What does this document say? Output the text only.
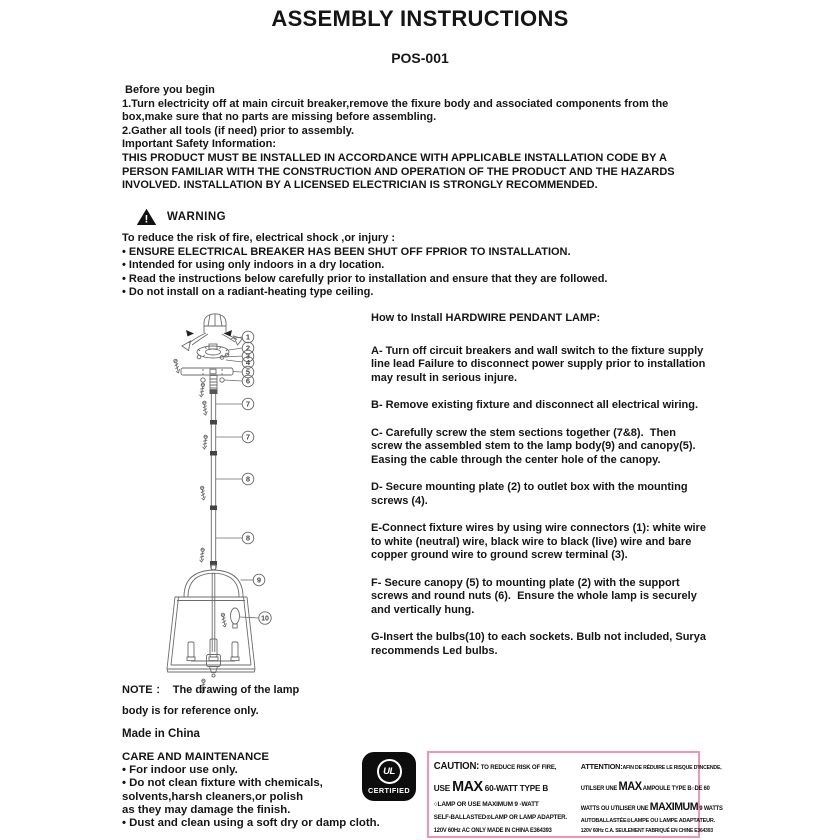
ASSEMBLY INSTRUCTIONS
POS-001
Before you begin
1.Turn electricity off at main circuit breaker,remove the fixure body and associated components from the
box,make sure that no parts are missing before assembling.
2.Gather all tools (if need) prior to assembly.
Important Safety Information:
THIS PRODUCT MUST BE INSTALLED IN ACCORDANCE WITH APPLICABLE INSTALLATION CODE BY A
PERSON FAMILIAR WITH THE CONSTRUCTION AND OPERATION OF THE PRODUCT AND THE HAZARDS
INVOLVED. INSTALLATION BY A LICENSED ELECTRICIAN IS STRONGLY RECOMMENDED.
! WARNING
To reduce the risk of fire, electrical shock ,or injury :
• ENSURE ELECTRICAL BREAKER HAS BEEN SHUT OFF FPRIOR TO INSTALLATION.
• Intended for using only indoors in a dry location.
• Read the instructions below carefully prior to installation and ensure that they are followed.
• Do not install on a radiant-heating type ceiling.
1
2
3
4
5
6
7
7
8
8
9
10
How to Install HARDWIRE PENDANT LAMP:
A- Turn off circuit breakers and wall switch to the fixture supply
line lead Failure to disconnect power supply prior to installation
may result in serious injure.
B- Remove existing fixture and disconnect all electrical wiring.
C- Carefully screw the stem sections together (7&8).  Then
screw the assembled stem to the lamp body(9) and canopy(5).
Easing the cable through the center hole of the canopy.
D- Secure mounting plate (2) to outlet box with the mounting
screws (4).
E-Connect fixture wires by using wire connectors (1): white wire
to white (neutral) wire, black wire to black (live) wire and bare
copper ground wire to ground screw terminal (3).
F- Secure canopy (5) to mounting plate (2) with the support
screws and round nuts (6).  Ensure the whole lamp is securely
and vertically hung.
G-Insert the bulbs(10) to each sockets. Bulb not included, Surya
recommends Led bulbs.
NOTE ：  The drawing of the lamp
body is for reference only.
Made in China
CARE AND MAINTENANCE
• For indoor use only.
• Do not clean fixture with chemicals,
solvents,harsh cleaners,or polish
as they may damage the finish.
• Dust and clean using a soft dry or damp cloth.
UL
CERTIFIED
CAUTION: TO REDUCE RISK OF FIRE,
USE MAX 60-WATT TYPE B
○LAMP OR USE MAXIMUM 9 -WATT
SELF-BALLASTED⊙LAMP OR LAMP ADAPTER.
120V 60Hz AC ONLY MADE IN CHINA E364393
ATTENTION:AFIN DE RÉDUIRE LE RISQUE D'INCENDE,
UTILSER UNE MAX AMPOULE TYPE B○DE 60
WATTS OU UTILISER UNE MAXIMUM 9 WATTS
AUTOBALLASTÉE⊙LAMPE OU LAMPE ADAPTATEUR.
120V 60Hz C.A. SEULEMENT FABRIQUÉ EN CHINE E364393
